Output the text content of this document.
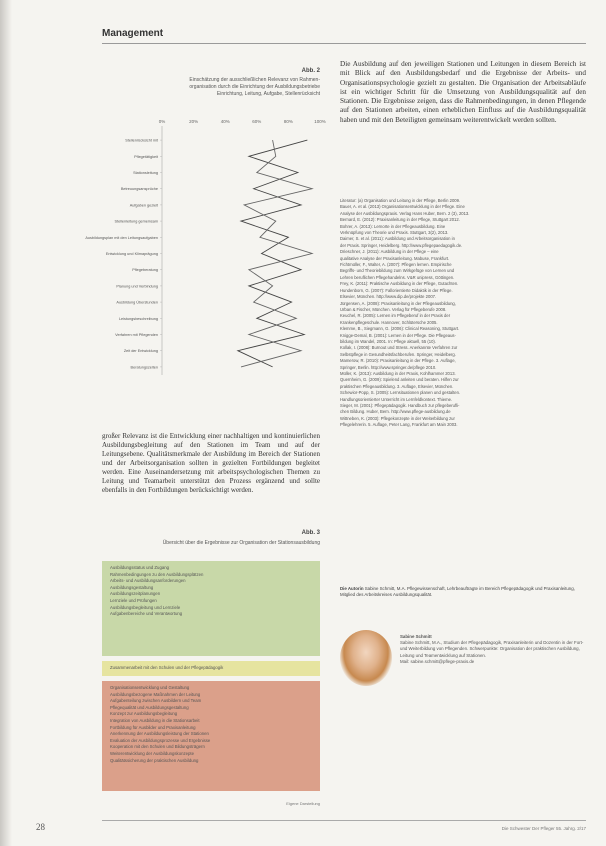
Management
Abb. 2
Einschätzung der ausschließlichen Relevanz von Rahmen-
organisation durch die Einrichtung der Ausbildungsbetriebe
Einrichtung, Leitung, Aufgabe, Stellenrücksicht
0%	20%	40%	60%	80%	100%
Stellenrücksicht mit
Pflegetätigkeit
Stationsleitung
Betreuungsansprüche
Aufgaben gezielt
Stellenleitung gemeinsam
Ausbildungsplan mit den Leitungsaufgaben
Entwicklung und Klimaprägung
Pflegeberatung
Planung und Verbindung
Ausbildung Überstunden
Leistungsbeschreibung
Verfahren mit Pflegenden
Zeit der Entwicklung
Beratungszeiten
großer Relevanz ist die Entwicklung einer nachhaltigen und kontinuierlichen Ausbildungsbegleitung auf den Stationen im Team und auf der Leitungsebene. Qualitätsmerkmale der Ausbildung im Bereich der Stationen und der Arbeitsorganisation sollten in gezielten Fortbildungen begleitet werden. Eine Auseinandersetzung mit arbeitspsychologischen Themen zu Leitung und Teamarbeit unterstützt den Prozess ergänzend und sollte ebenfalls in den Fortbildungen berücksichtigt werden.
Abb. 3
Übersicht über die Ergebnisse zur Organisation der Stationsausbildung
Ausbildungsstatus und Zugang
Rahmenbedingungen zu den Ausbildungsplätzen
Arbeits- und Ausbildungsanforderungen
Ausbildungsgestaltung
Ausbildungszeitplanungen
Lernziele und Prüfungen
Ausbildungsbegleitung und Lernziele
Aufgabenbereiche und Verantwortung
Zusammenarbeit mit den Schulen und der Pflegepädagogik
Organisationsentwicklung und Gestaltung
Ausbildungsbezogene Maßnahmen der Leitung
Aufgabenteilung zwischen Ausbildern und Team
Pflegequalität und Ausbildungsgestaltung
Konzept zur Ausbildungsbegleitung
Integration von Ausbildung in die Stationsarbeit
Fortbildung für Ausbilder und Praxisanleitung
Anerkennung der Ausbildungsleistung der Stationen
Evaluation der Ausbildungsprozesse und Ergebnisse
Kooperation mit den Schulen und Bildungsträgern
Weiterentwicklung der Ausbildungskonzepte
Qualitätssicherung der praktischen Ausbildung
Eigene Darstellung
Die Ausbildung auf den jeweiligen Stationen und Leitungen in diesem Bereich ist mit Blick auf den Ausbildungsbedarf und die Ergebnisse der Arbeits- und Organisationspsychologie gezielt zu gestalten. Die Organisation der Arbeitsabläufe ist ein wichtiger Schritt für die Umsetzung von Ausbildungsqualität auf den Stationen. Die Ergebnisse zeigen, dass die Rahmenbedingungen, in denen Pflegende auf den Stationen arbeiten, einen erheblichen Einfluss auf die Ausbildungsqualität haben und mit den Beteiligten gemeinsam weiterentwickelt werden sollten.
Literatur: (a) Organisation und Leitung in der Pflege, Berlin 2009.
Bauer, A. et al. (2013) Organisationsentwicklung in der Pflege. Eine
Analyse der Ausbildungspraxis. Verlag Hans Huber, Bern. 2 (3), 2013.
Bernard, E. (2012): Praxisanleitung in der Pflege, Stuttgart 2012.
Bohrer, A. (2013): Lernorte in der Pflegeausbildung. Eine
Verknüpfung von Theorie und Praxis. Stuttgart, 3(2), 2013.
Daimer, S. et al. (2011): Ausbildung und Arbeitsorganisation in
der Praxis. Springer, Heidelberg. http://www.pflegepaedagogik.de.
Drieschner, J. (2011): Ausbildung in der Pflege – eine
qualitative Analyse der Praxisanleitung. Mabuse, Frankfurt.
Fichtmüller, F., Walter, A. (2007): Pflegen lernen. Empirische
Begriffs- und Theoriebildung zum Wirkgefüge von Lernen und
Lehren beruflichen Pflegehandelns. V&R unipress, Göttingen.
Frey, K. (2011): Praktische Ausbildung in der Pflege, Gutachten.
Hundenborn, G. (2007): Fallorientierte Didaktik in der Pflege.
Elsevier, München. http://www.dip.de/projekte 2007.
Jürgensen, A. (2008): Praxisanleitung in der Pflegeausbildung,
Urban & Fischer, München. Verlag für Pflegeberufe 2008.
Keuchel, R. (2005): Lernen im Pflegeberuf in der Praxis der
Krankenpflegeschule. Hannover, Schlütersche 2005.
Klemme, B., Siegmann, G. (2006): Clinical Reasoning, Stuttgart.
Knigge-Demal, B. (2001): Lernen in der Pflege. Die Pflegeaus-
bildung im Wandel, 2001. In: Pflege aktuell, 55 (10).
Kollak, I. (2008): Burnout und Stress. Anerkannte Verfahren zur
Selbstpflege in Gesundheitsfachberufen. Springer, Heidelberg.
Mamerow, R. (2010): Praxisanleitung in der Pflege. 3. Auflage,
Springer, Berlin. http://www.springer.de/pflege 2010.
Müller, K. (2013): Ausbildung in der Praxis, Kohlhammer 2013.
Quernheim, G. (2009): Spielend anleiten und beraten. Hilfen zur
praktischen Pflegeausbildung. 3. Auflage, Elsevier, München.
Schewior-Popp, S. (2005): Lernsituationen planen und gestalten.
Handlungsorientierter Unterricht im Lernfeldkontext. Thieme.
Sieger, M. (2001): Pflegepädagogik. Handbuch zur pflegeberufli-
chen Bildung. Huber, Bern. http://www.pflege-ausbildung.de
Wittneben, K. (2003): Pflegekonzepte in der Weiterbildung zur
Pflegelehrerin. 5. Auflage, Peter Lang, Frankfurt am Main 2003.
Die Autorin Sabine Schmitt, M.A. Pflegewissenschaft, Lehrbeauftragte im Bereich Pflegepädagogik und Praxisanleitung, Mitglied des Arbeitskreises Ausbildungsqualität.
Sabine Schmitt
Sabine Schmitt, M.A., Studium der Pflegepädagogik, Praxisanleiterin und Dozentin in der Fort- und Weiterbildung von Pflegenden. Schwerpunkte: Organisation der praktischen Ausbildung, Leitung und Teamentwicklung auf Stationen.
Mail: sabine.schmitt@pflege-praxis.de
28	Die Schwester Der Pfleger 55. Jahrg. 2/17
